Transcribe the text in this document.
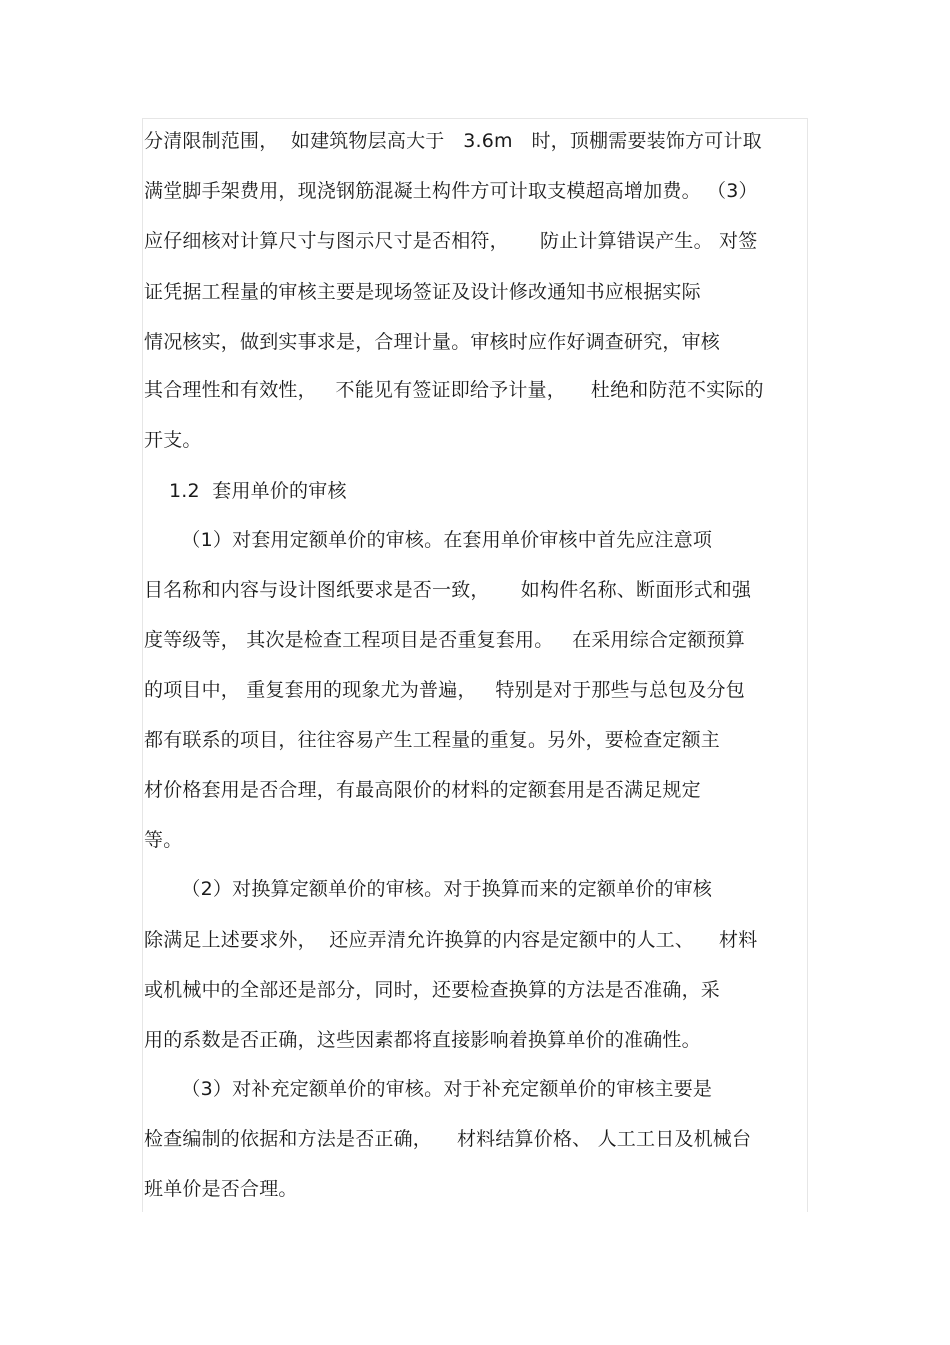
分清限制范围，  如建筑物层高大于   3.6m   时，顶棚需要装饰方可计取

满堂脚手架费用，现浇钢筋混凝土构件方可计取支模超高增加费。 （3）

应仔细核对计算尺寸与图示尺寸是否相符，     防止计算错误产生。 对签

证凭据工程量的审核主要是现场签证及设计修改通知书应根据实际

情况核实，做到实事求是，合理计量。审核时应作好调查研究，审核

其合理性和有效性，   不能见有签证即给予计量，    杜绝和防范不实际的

开支。

1.2  套用单价的审核

（1）对套用定额单价的审核。在套用单价审核中首先应注意项

目名称和内容与设计图纸要求是否一致，     如构件名称、断面形式和强

度等级等， 其次是检查工程项目是否重复套用。   在采用综合定额预算

的项目中， 重复套用的现象尤为普遍，   特别是对于那些与总包及分包

都有联系的项目，往往容易产生工程量的重复。另外，要检查定额主

材价格套用是否合理，有最高限价的材料的定额套用是否满足规定

等。

（2）对换算定额单价的审核。对于换算而来的定额单价的审核

除满足上述要求外，  还应弄清允许换算的内容是定额中的人工、    材料

或机械中的全部还是部分，同时，还要检查换算的方法是否准确，采

用的系数是否正确，这些因素都将直接影响着换算单价的准确性。

（3）对补充定额单价的审核。对于补充定额单价的审核主要是

检查编制的依据和方法是否正确，    材料结算价格、 人工工日及机械台

班单价是否合理。
